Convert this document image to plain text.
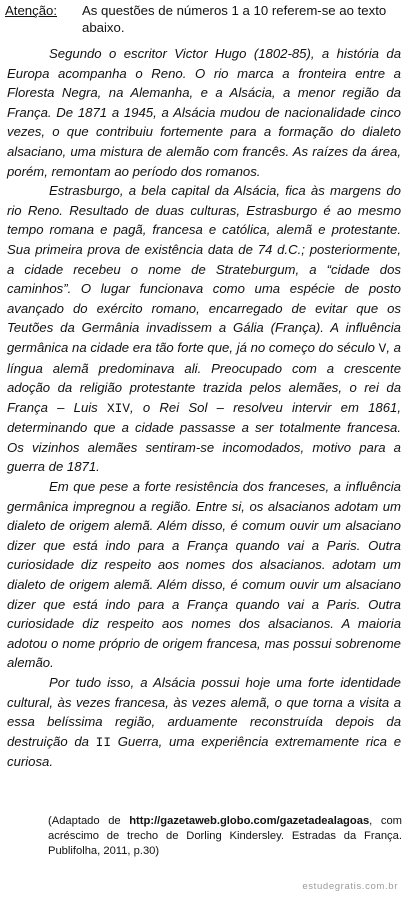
Atenção: As questões de números 1 a 10 referem-se ao texto abaixo.

Segundo o escritor Victor Hugo (1802-85), a história da Europa acompanha o Reno. O rio marca a fronteira entre a Floresta Negra, na Alemanha, e a Alsácia, a menor região da França. De 1871 a 1945, a Alsácia mudou de nacionalidade cinco vezes, o que contribuiu fortemente para a formação do dialeto alsaciano, uma mistura de alemão com francês. As raízes da área, porém, remontam ao período dos romanos.

Estrasburgo, a bela capital da Alsácia, fica às margens do rio Reno. Resultado de duas culturas, Estrasburgo é ao mesmo tempo romana e pagã, francesa e católica, alemã e protestante. Sua primeira prova de existência data de 74 d.C.; posteriormente, a cidade recebeu o nome de Strateburgum, a “cidade dos caminhos”. O lugar funcionava como uma espécie de posto avançado do exército romano, encarregado de evitar que os Teutões da Germânia invadissem a Gália (França). A influência germânica na cidade era tão forte que, já no começo do século V, a língua alemã predominava ali. Preocupado com a crescente adoção da religião protestante trazida pelos alemães, o rei da França – Luis XIV, o Rei Sol – resolveu intervir em 1861, determinando que a cidade passasse a ser totalmente francesa. Os vizinhos alemães sentiram-se incomodados, motivo para a guerra de 1871.

Em que pese a forte resistência dos franceses, a influência germânica impregnou a região. Entre si, os alsacianos adotam um dialeto de origem alemã. Além disso, é comum ouvir um alsaciano dizer que está indo para a França quando vai a Paris. Outra curiosidade diz respeito aos nomes dos alsacianos. adotam um dialeto de origem alemã. Além disso, é comum ouvir um alsaciano dizer que está indo para a França quando vai a Paris. Outra curiosidade diz respeito aos nomes dos alsacianos. A maioria adotou o nome próprio de origem francesa, mas possui sobrenome alemão.

Por tudo isso, a Alsácia possui hoje uma forte identidade cultural, às vezes francesa, às vezes alemã, o que torna a visita a essa belíssima região, arduamente reconstruída depois da destruição da II Guerra, uma experiência extremamente rica e curiosa.

(Adaptado de http://gazetaweb.globo.com/gazetadealagoas, com acréscimo de trecho de Dorling Kindersley. Estradas da França. Publifolha, 2011, p.30)
estudegratis.com.br
